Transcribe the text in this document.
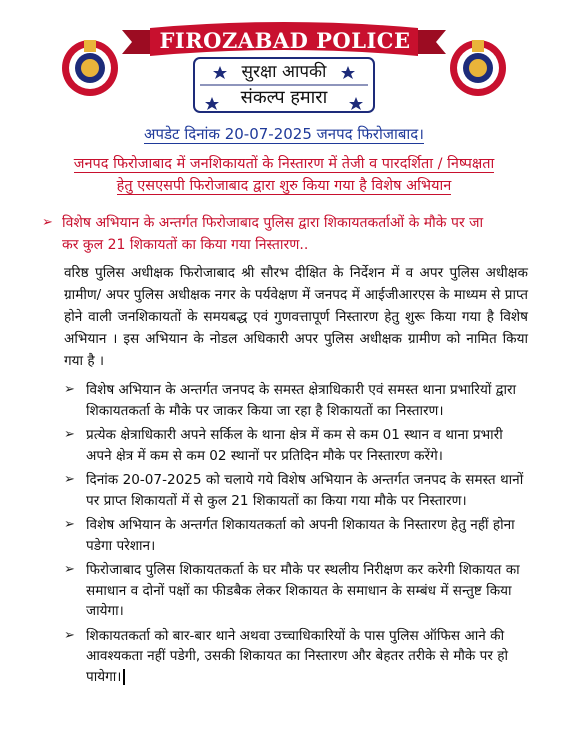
FIROZABAD POLICE
सुरक्षा आपकी
संकल्प हमारा
अपडेट दिनांक 20-07-2025 जनपद फिरोजाबाद।
जनपद फिरोजाबाद में जनशिकायतों के निस्तारण में तेजी व पारदर्शिता / निष्पक्षता
हेतु एसएसपी फिरोजाबाद द्वारा शुरु किया गया है विशेष अभियान
➢ विशेष अभियान के अन्तर्गत फिरोजाबाद पुलिस द्वारा शिकायतकर्ताओं के मौके पर जा
कर कुल 21 शिकायतों का किया गया निस्तारण..
वरिष्ठ पुलिस अधीक्षक फिरोजाबाद श्री सौरभ दीक्षित के निर्देशन में व अपर पुलिस अधीक्षक ग्रामीण/ अपर पुलिस अधीक्षक नगर के पर्यवेक्षण में जनपद में आईजीआरएस के माध्यम से प्राप्त होने वाली जनशिकायतों के समयबद्ध एवं गुणवत्तापूर्ण निस्तारण हेतु शुरू किया गया है विशेष अभियान । इस अभियान के नोडल अधिकारी अपर पुलिस अधीक्षक ग्रामीण को नामित किया गया है ।
➢ विशेष अभियान के अन्तर्गत जनपद के समस्त क्षेत्राधिकारी एवं समस्त थाना प्रभारियों द्वारा शिकायतकर्ता के मौके पर जाकर किया जा रहा है शिकायतों का निस्तारण।
➢ प्रत्येक क्षेत्राधिकारी अपने सर्किल के थाना क्षेत्र में कम से कम 01 स्थान व थाना प्रभारी अपने क्षेत्र में कम से कम 02 स्थानों पर प्रतिदिन मौके पर निस्तारण करेंगे।
➢ दिनांक 20-07-2025 को चलाये गये विशेष अभियान के अन्तर्गत जनपद के समस्त थानों पर प्राप्त शिकायतों में से कुल 21 शिकायतों का किया गया मौके पर निस्तारण।
➢ विशेष अभियान के अन्तर्गत शिकायतकर्ता को अपनी शिकायत के निस्तारण हेतु नहीं होना पडेगा परेशान।
➢ फिरोजाबाद पुलिस शिकायतकर्ता के घर मौके पर स्थलीय निरीक्षण कर करेगी शिकायत का समाधान व दोनों पक्षों का फीडबैक लेकर शिकायत के समाधान के सम्बंध में सन्तुष्ट किया जायेगा।
➢ शिकायतकर्ता को बार-बार थाने अथवा उच्चाधिकारियों के पास पुलिस ऑफिस आने की आवश्यकता नहीं पडेगी, उसकी शिकायत का निस्तारण और बेहतर तरीके से मौके पर हो पायेगा।
